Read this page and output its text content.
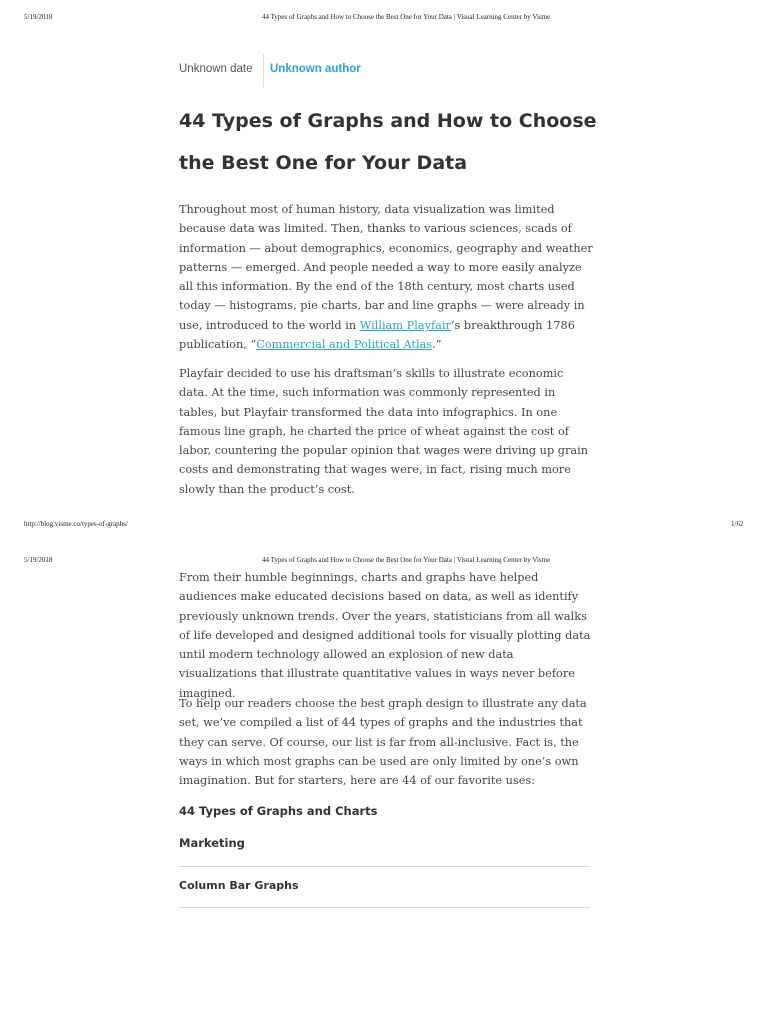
5/19/2018	44 Types of Graphs and How to Choose the Best One for Your Data | Visual Learning Center by Visme
Unknown date Unknown author
44 Types of Graphs and How to Choose the Best One for Your Data

Throughout most of human history, data visualization was limited because data was limited. Then, thanks to various sciences, scads of information — about demographics, economics, geography and weather patterns — emerged. And people needed a way to more easily analyze all this information. By the end of the 18th century, most charts used today — histograms, pie charts, bar and line graphs — were already in use, introduced to the world in William Playfair‘s breakthrough 1786 publication, “Commercial and Political Atlas.”

Playfair decided to use his draftsman’s skills to illustrate economic data. At the time, such information was commonly represented in tables, but Playfair transformed the data into infographics. In one famous line graph, he charted the price of wheat against the cost of labor, countering the popular opinion that wages were driving up grain costs and demonstrating that wages were, in fact, rising much more slowly than the product’s cost.

http://blog.visme.co/types-of-graphs/	1/62
5/19/2018	44 Types of Graphs and How to Choose the Best One for Your Data | Visual Learning Center by Visme

From their humble beginnings, charts and graphs have helped audiences make educated decisions based on data, as well as identify previously unknown trends. Over the years, statisticians from all walks of life developed and designed additional tools for visually plotting data until modern technology allowed an explosion of new data visualizations that illustrate quantitative values in ways never before imagined.

To help our readers choose the best graph design to illustrate any data set, we’ve compiled a list of 44 types of graphs and the industries that they can serve. Of course, our list is far from all-inclusive. Fact is, the ways in which most graphs can be used are only limited by one’s own imagination. But for starters, here are 44 of our favorite uses:

44 Types of Graphs and Charts
Marketing
Column Bar Graphs
